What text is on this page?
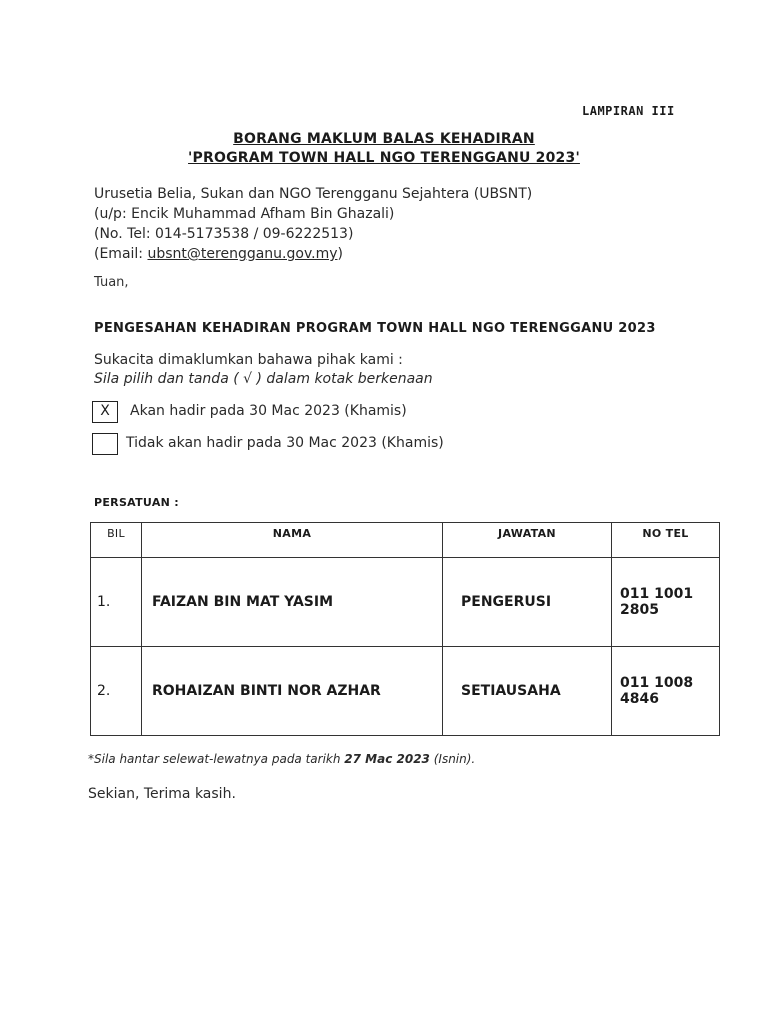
LAMPIRAN III
BORANG MAKLUM BALAS KEHADIRAN
'PROGRAM TOWN HALL NGO TERENGGANU 2023'
Urusetia Belia, Sukan dan NGO Terengganu Sejahtera (UBSNT)
(u/p: Encik Muhammad Afham Bin Ghazali)
(No. Tel: 014-5173538 / 09-6222513)
(Email: ubsnt@terengganu.gov.my)
Tuan,
PENGESAHAN KEHADIRAN PROGRAM TOWN HALL NGO TERENGGANU 2023
Sukacita dimaklumkan bahawa pihak kami :
Sila pilih dan tanda ( √ ) dalam kotak berkenaan
X	Akan hadir pada 30 Mac 2023 (Khamis)
Tidak akan hadir pada 30 Mac 2023 (Khamis)
PERSATUAN :
BIL	NAMA	JAWATAN	NO TEL
1.	FAIZAN BIN MAT YASIM	PENGERUSI	011 1001 2805
2.	ROHAIZAN BINTI NOR AZHAR	SETIAUSAHA	011 1008 4846
*Sila hantar selewat-lewatnya pada tarikh 27 Mac 2023 (Isnin).
Sekian, Terima kasih.
